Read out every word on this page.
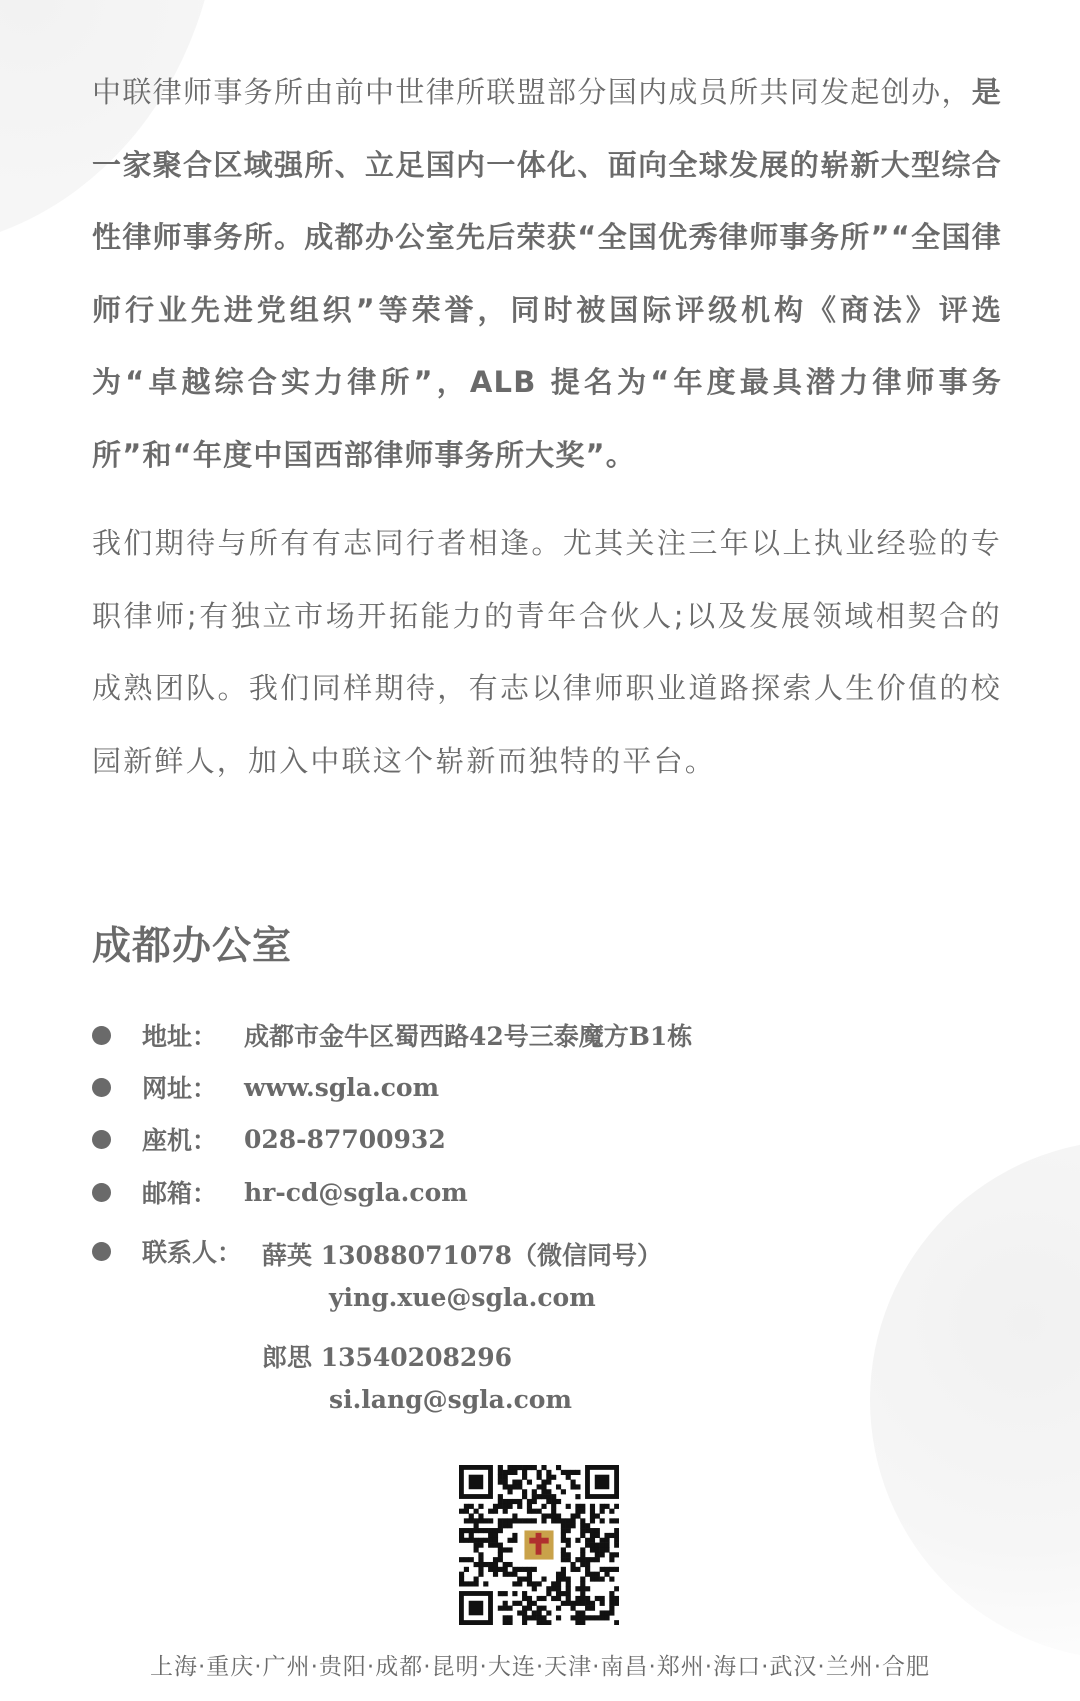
中联律师事务所由前中世律所联盟部分国内成员所共同发起创办，是一家聚合区域强所、立足国内一体化、面向全球发展的崭新大型综合性律师事务所。成都办公室先后荣获“全国优秀律师事务所”“全国律师行业先进党组织”等荣誉，同时被国际评级机构《商法》评选为“卓越综合实力律所”，ALB 提名为“年度最具潜力律师事务所”和“年度中国西部律师事务所大奖”。

我们期待与所有有志同行者相逢。尤其关注三年以上执业经验的专职律师;有独立市场开拓能力的青年合伙人;以及发展领域相契合的成熟团队。我们同样期待，有志以律师职业道路探索人生价值的校园新鲜人，加入中联这个崭新而独特的平台。

成都办公室
地址： 成都市金牛区蜀西路42号三泰魔方B1栋
网址： www.sgla.com
座机： 028-87700932
邮箱： hr-cd@sgla.com
联系人： 薛英 13088071078（微信同号）
ying.xue@sgla.com
郎思 13540208296
si.lang@sgla.com

上海·重庆·广州·贵阳·成都·昆明·大连·天津·南昌·郑州·海口·武汉·兰州·合肥
